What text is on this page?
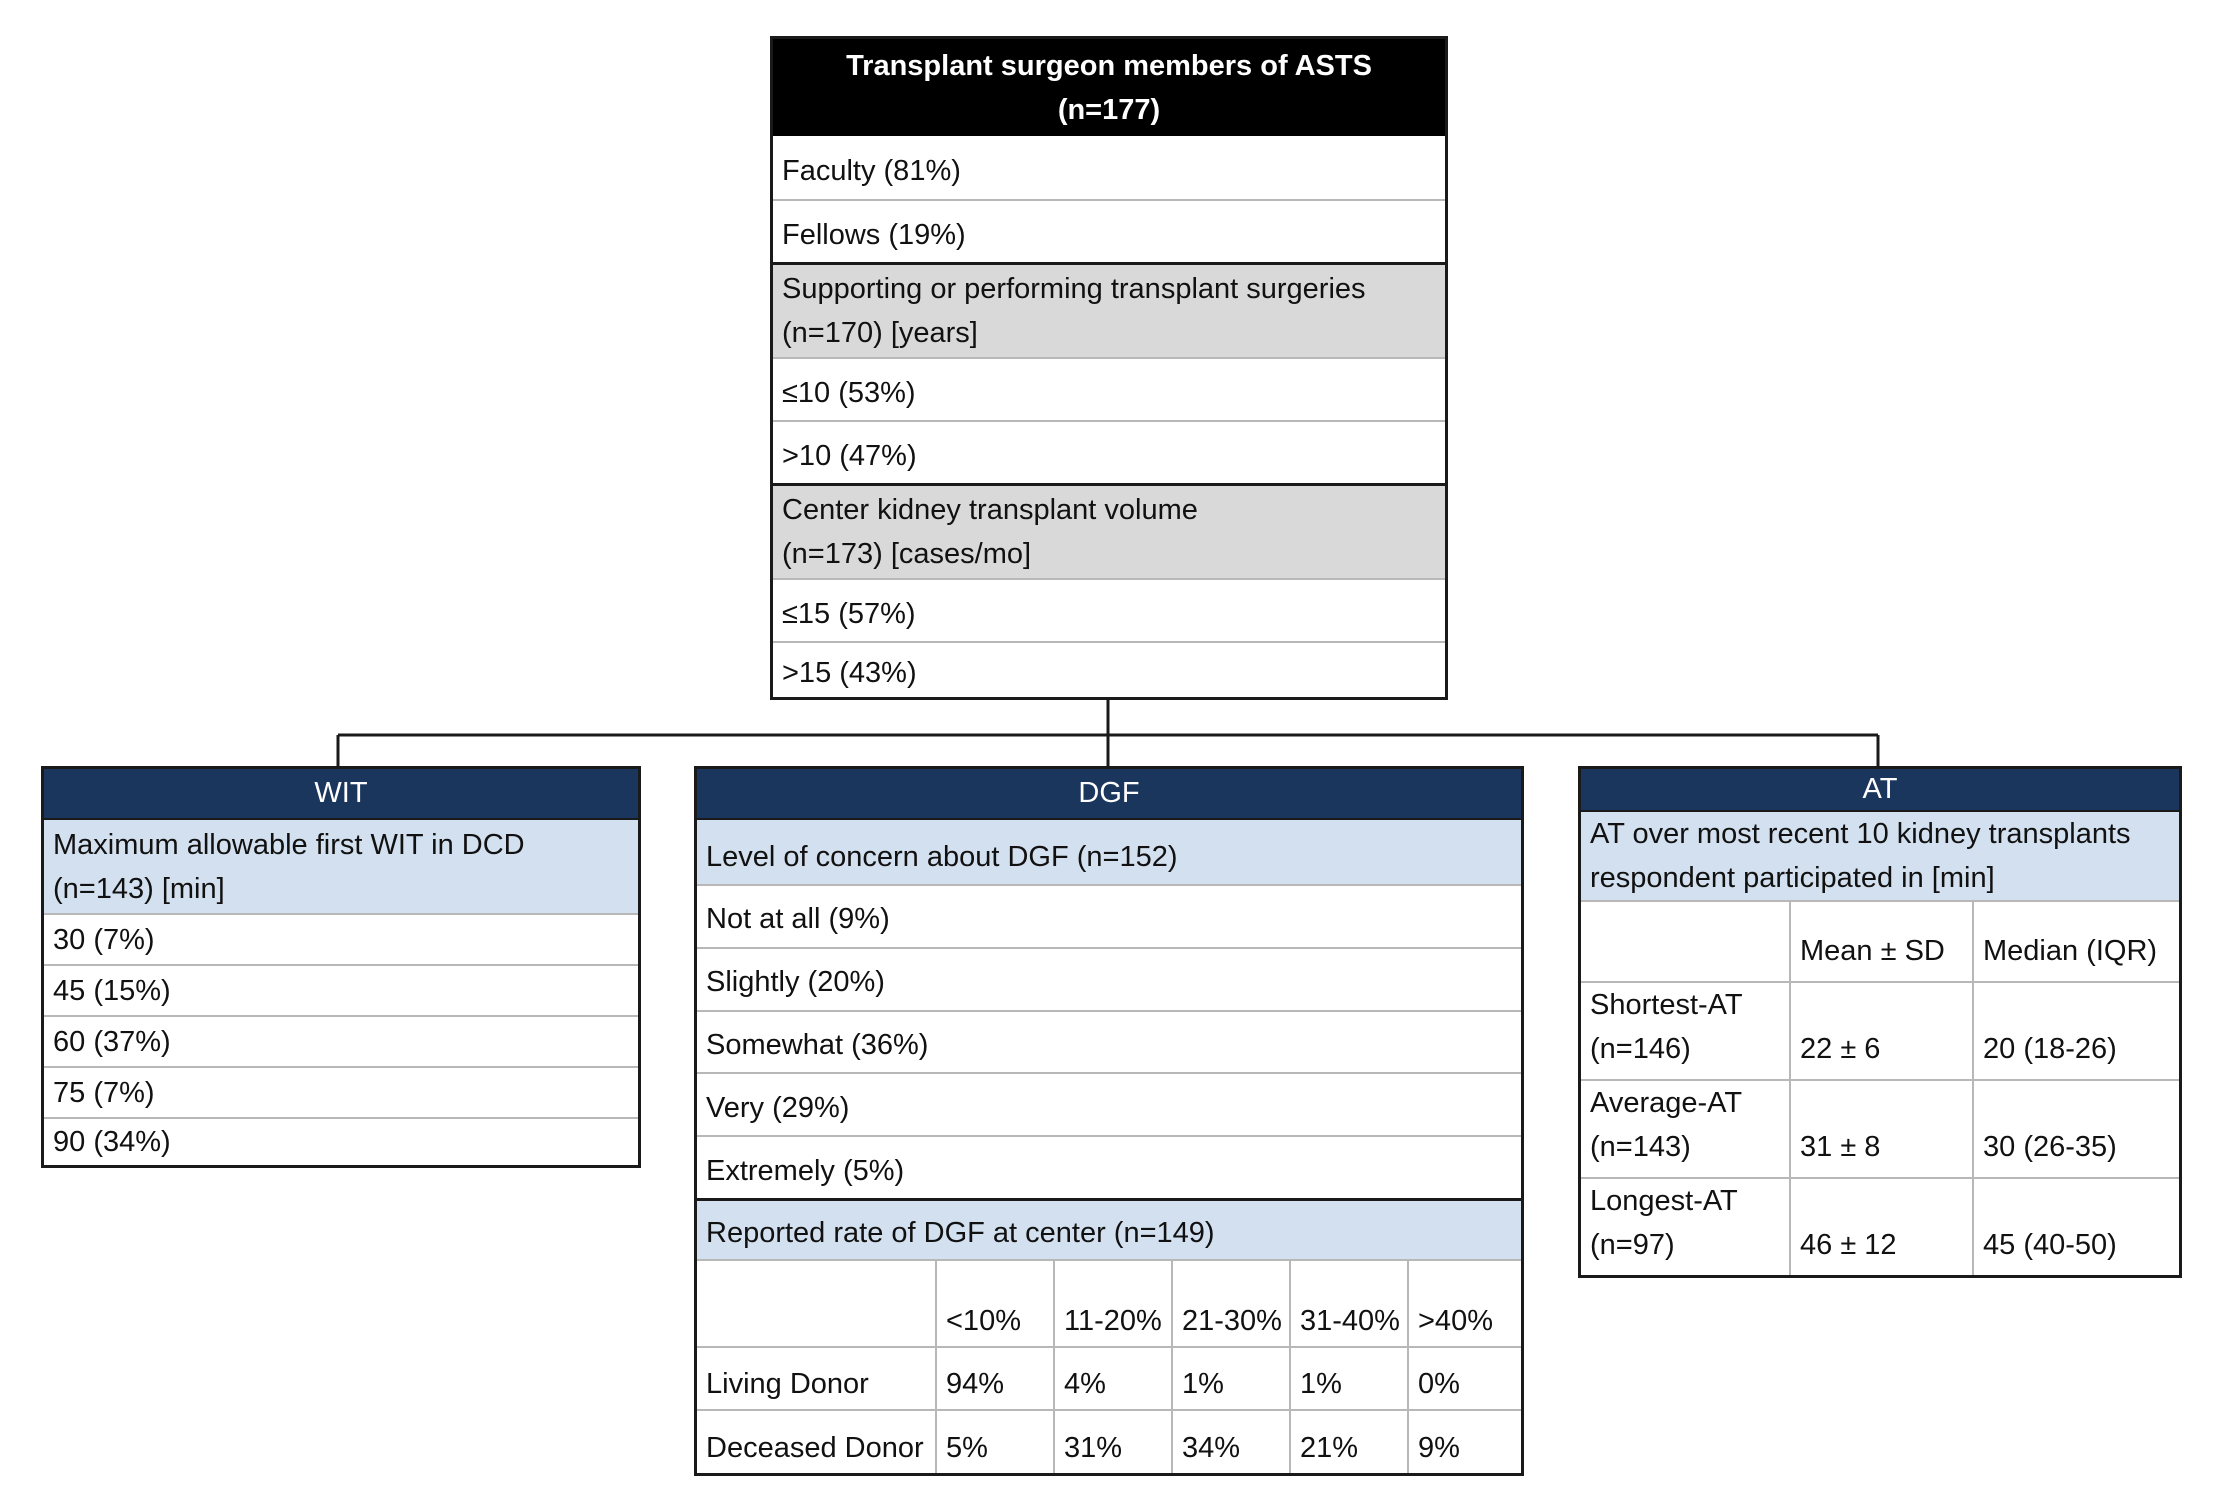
Transplant surgeon members of ASTS
(n=177)
Faculty (81%)
Fellows (19%)
Supporting or performing transplant surgeries
(n=170) [years]
≤10 (53%)
>10 (47%)
Center kidney transplant volume
(n=173) [cases/mo]
≤15 (57%)
>15 (43%)
WIT
Maximum allowable first WIT in DCD
(n=143) [min]
30 (7%)
45 (15%)
60 (37%)
75 (7%)
90 (34%)
DGF
Level of concern about DGF (n=152)
Not at all (9%)
Slightly (20%)
Somewhat (36%)
Very (29%)
Extremely (5%)
Reported rate of DGF at center (n=149)
	<10%	11-20%	21-30%	31-40%	>40%
Living Donor	94%	4%	1%	1%	0%
Deceased Donor	5%	31%	34%	21%	9%
AT
AT over most recent 10 kidney transplants
respondent participated in [min]
	Mean ± SD	Median (IQR)

Shortest-AT
(n=146)	22 ± 6	20 (18-26)

Average-AT
(n=143)	31 ± 8	30 (26-35)

Longest-AT
(n=97)	46 ± 12	45 (40-50)
